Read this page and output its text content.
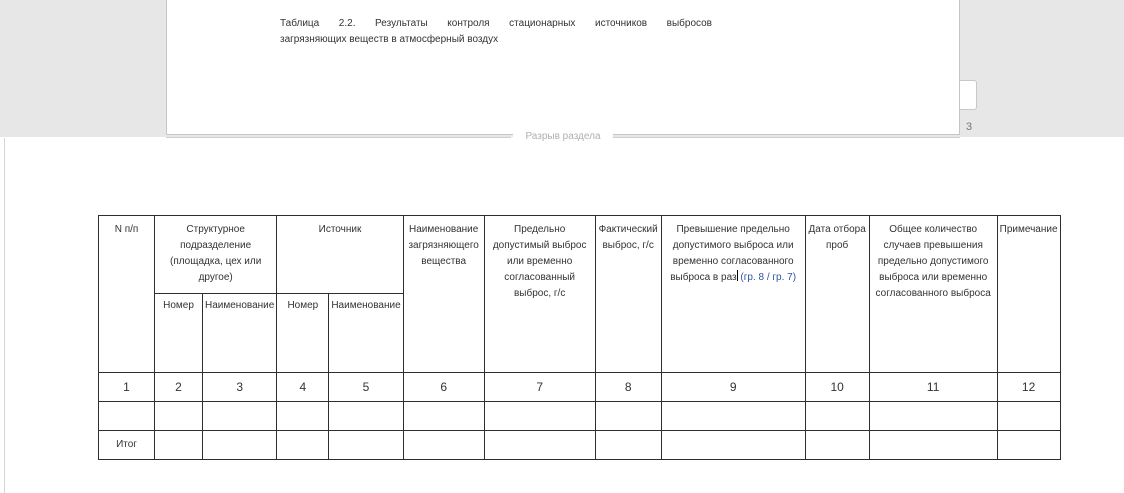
Таблица 2.2. Результаты контроля стационарных источников выбросов
загрязняющих веществ в атмосферный воздух
3
Разрыв раздела
N п/п	Структурное подразделение (площадка, цех или другое)		Источник		Наименование загрязняющего вещества	Предельно допустимый выброс или временно согласованный выброс, г/с	Фактический выброс, г/с	Превышение предельно допустимого выброса или временно согласованного выброса в раз (гр. 8 / гр. 7)	Дата отбора проб	Общее количество случаев превышения предельно допустимого выброса или временно согласованного выброса	Примечание
	Номер	Наименование	Номер	Наименование							
1	2	3	4	5	6	7	8	9	10	11	12

Итог											
